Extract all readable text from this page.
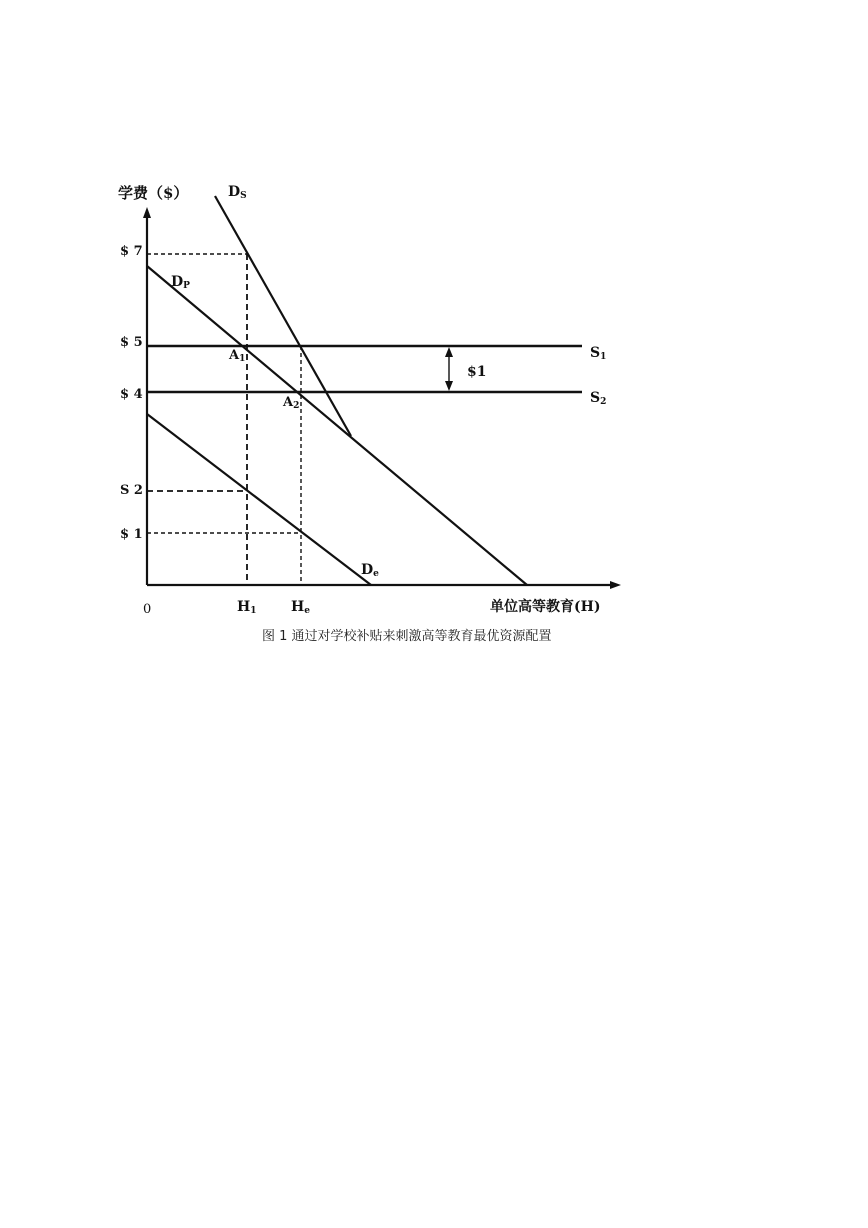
学费（$）
单位高等教育(H)
0
$1
$ 7
$ 5
$ 4
S 2
$ 1
H1 He
DS
DP
De
S1
S2
A1
A2
图 1 通过对学校补贴来刺激高等教育最优资源配置
